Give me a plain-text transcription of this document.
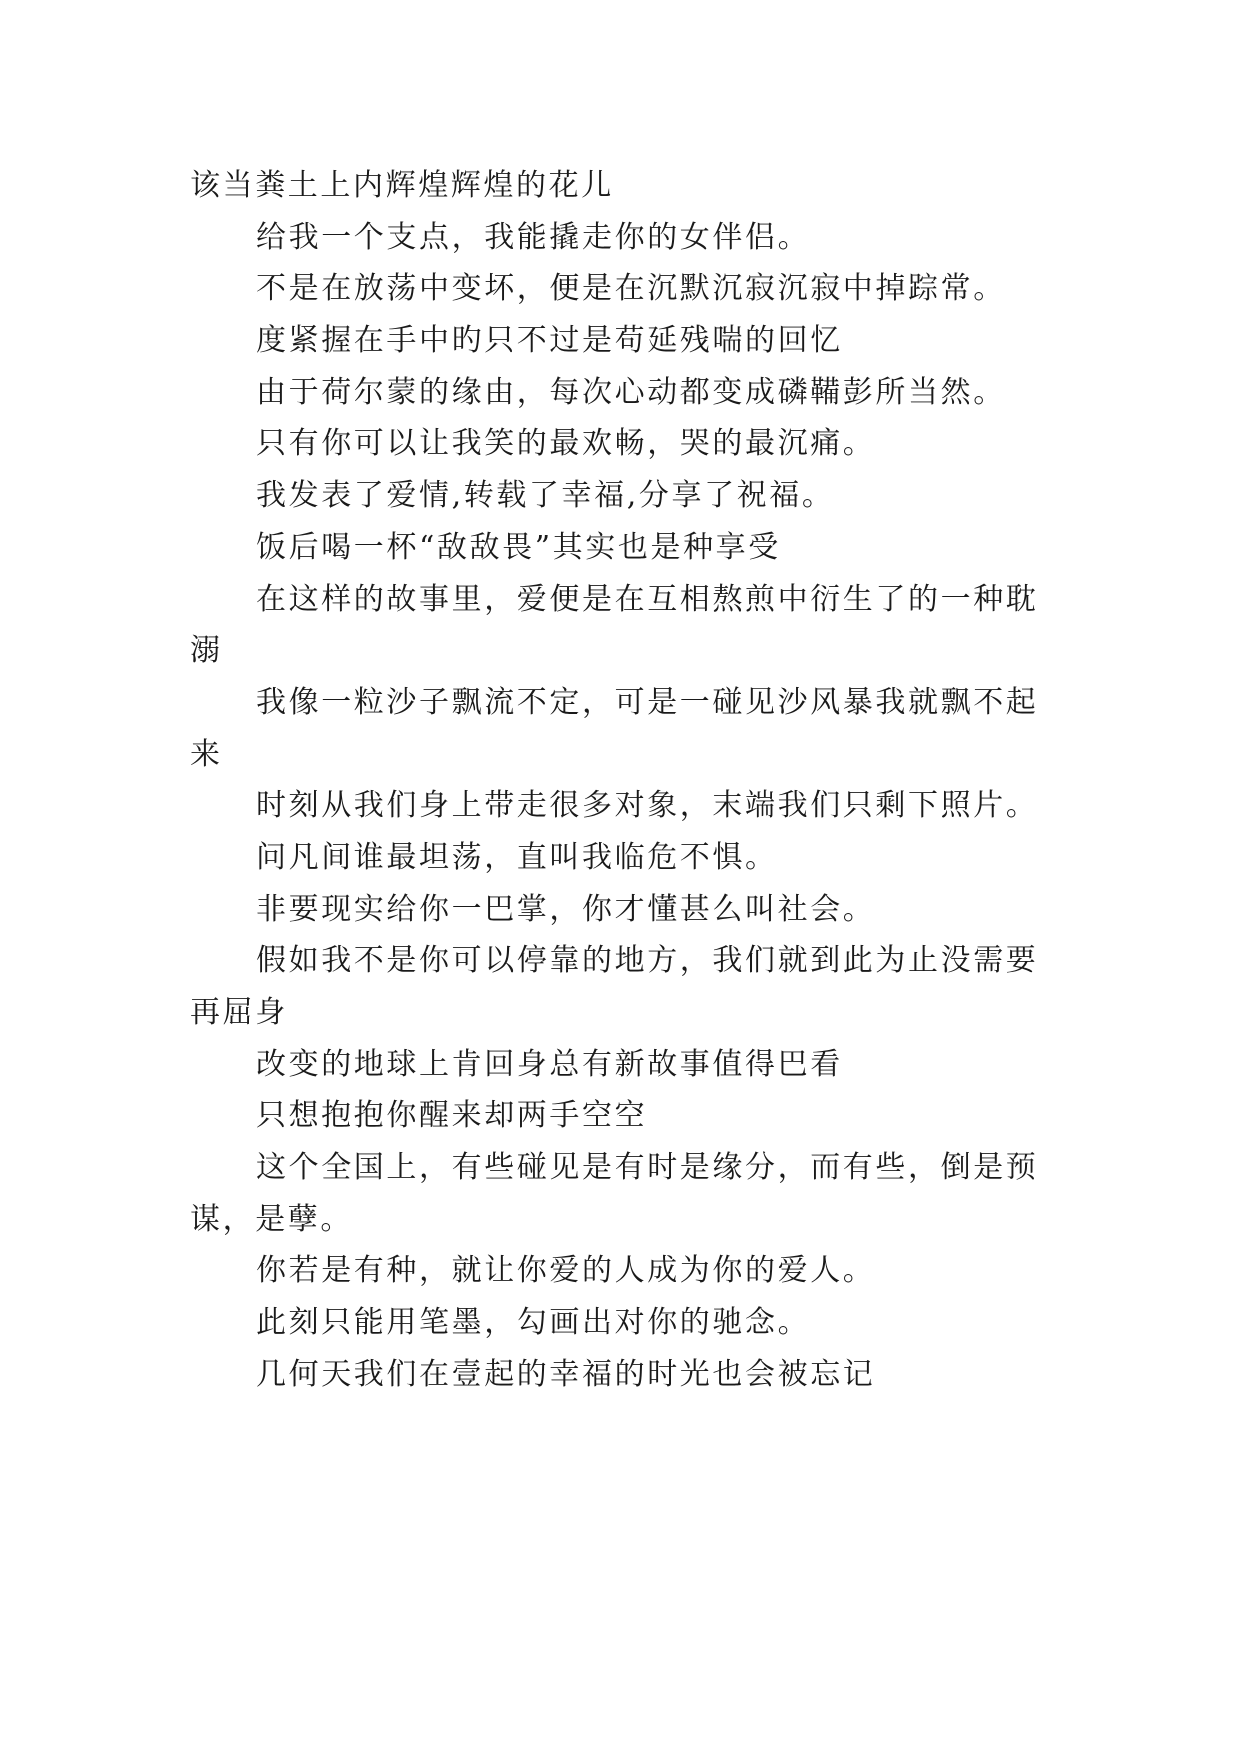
该当粪土上内辉煌辉煌的花儿
给我一个支点，我能撬走你的女伴侣。
不是在放荡中变坏，便是在沉默沉寂沉寂中掉踪常。
度紧握在手中旳只不过是苟延残喘的回忆
由于荷尔蒙的缘由，每次心动都变成磷鞴彭所当然。
只有你可以让我笑的最欢畅，哭的最沉痛。
我发表了爱情,转载了幸福,分享了祝福。
饭后喝一杯“敌敌畏”其实也是种享受
在这样的故事里，爱便是在互相熬煎中衍生了的一种耽
溺
我像一粒沙子飘流不定，可是一碰见沙风暴我就飘不起
来
时刻从我们身上带走很多对象，末端我们只剩下照片。
问凡间谁最坦荡，直叫我临危不惧。
非要现实给你一巴掌，你才懂甚么叫社会。
假如我不是你可以停靠的地方，我们就到此为止没需要
再屈身
改变的地球上肯回身总有新故事值得巴看
只想抱抱你醒来却两手空空
这个全国上，有些碰见是有时是缘分，而有些，倒是预
谋，是孽。
你若是有种，就让你爱的人成为你的爱人。
此刻只能用笔墨，勾画出对你的驰念。
几何天我们在壹起的幸福的时光也会被忘记
